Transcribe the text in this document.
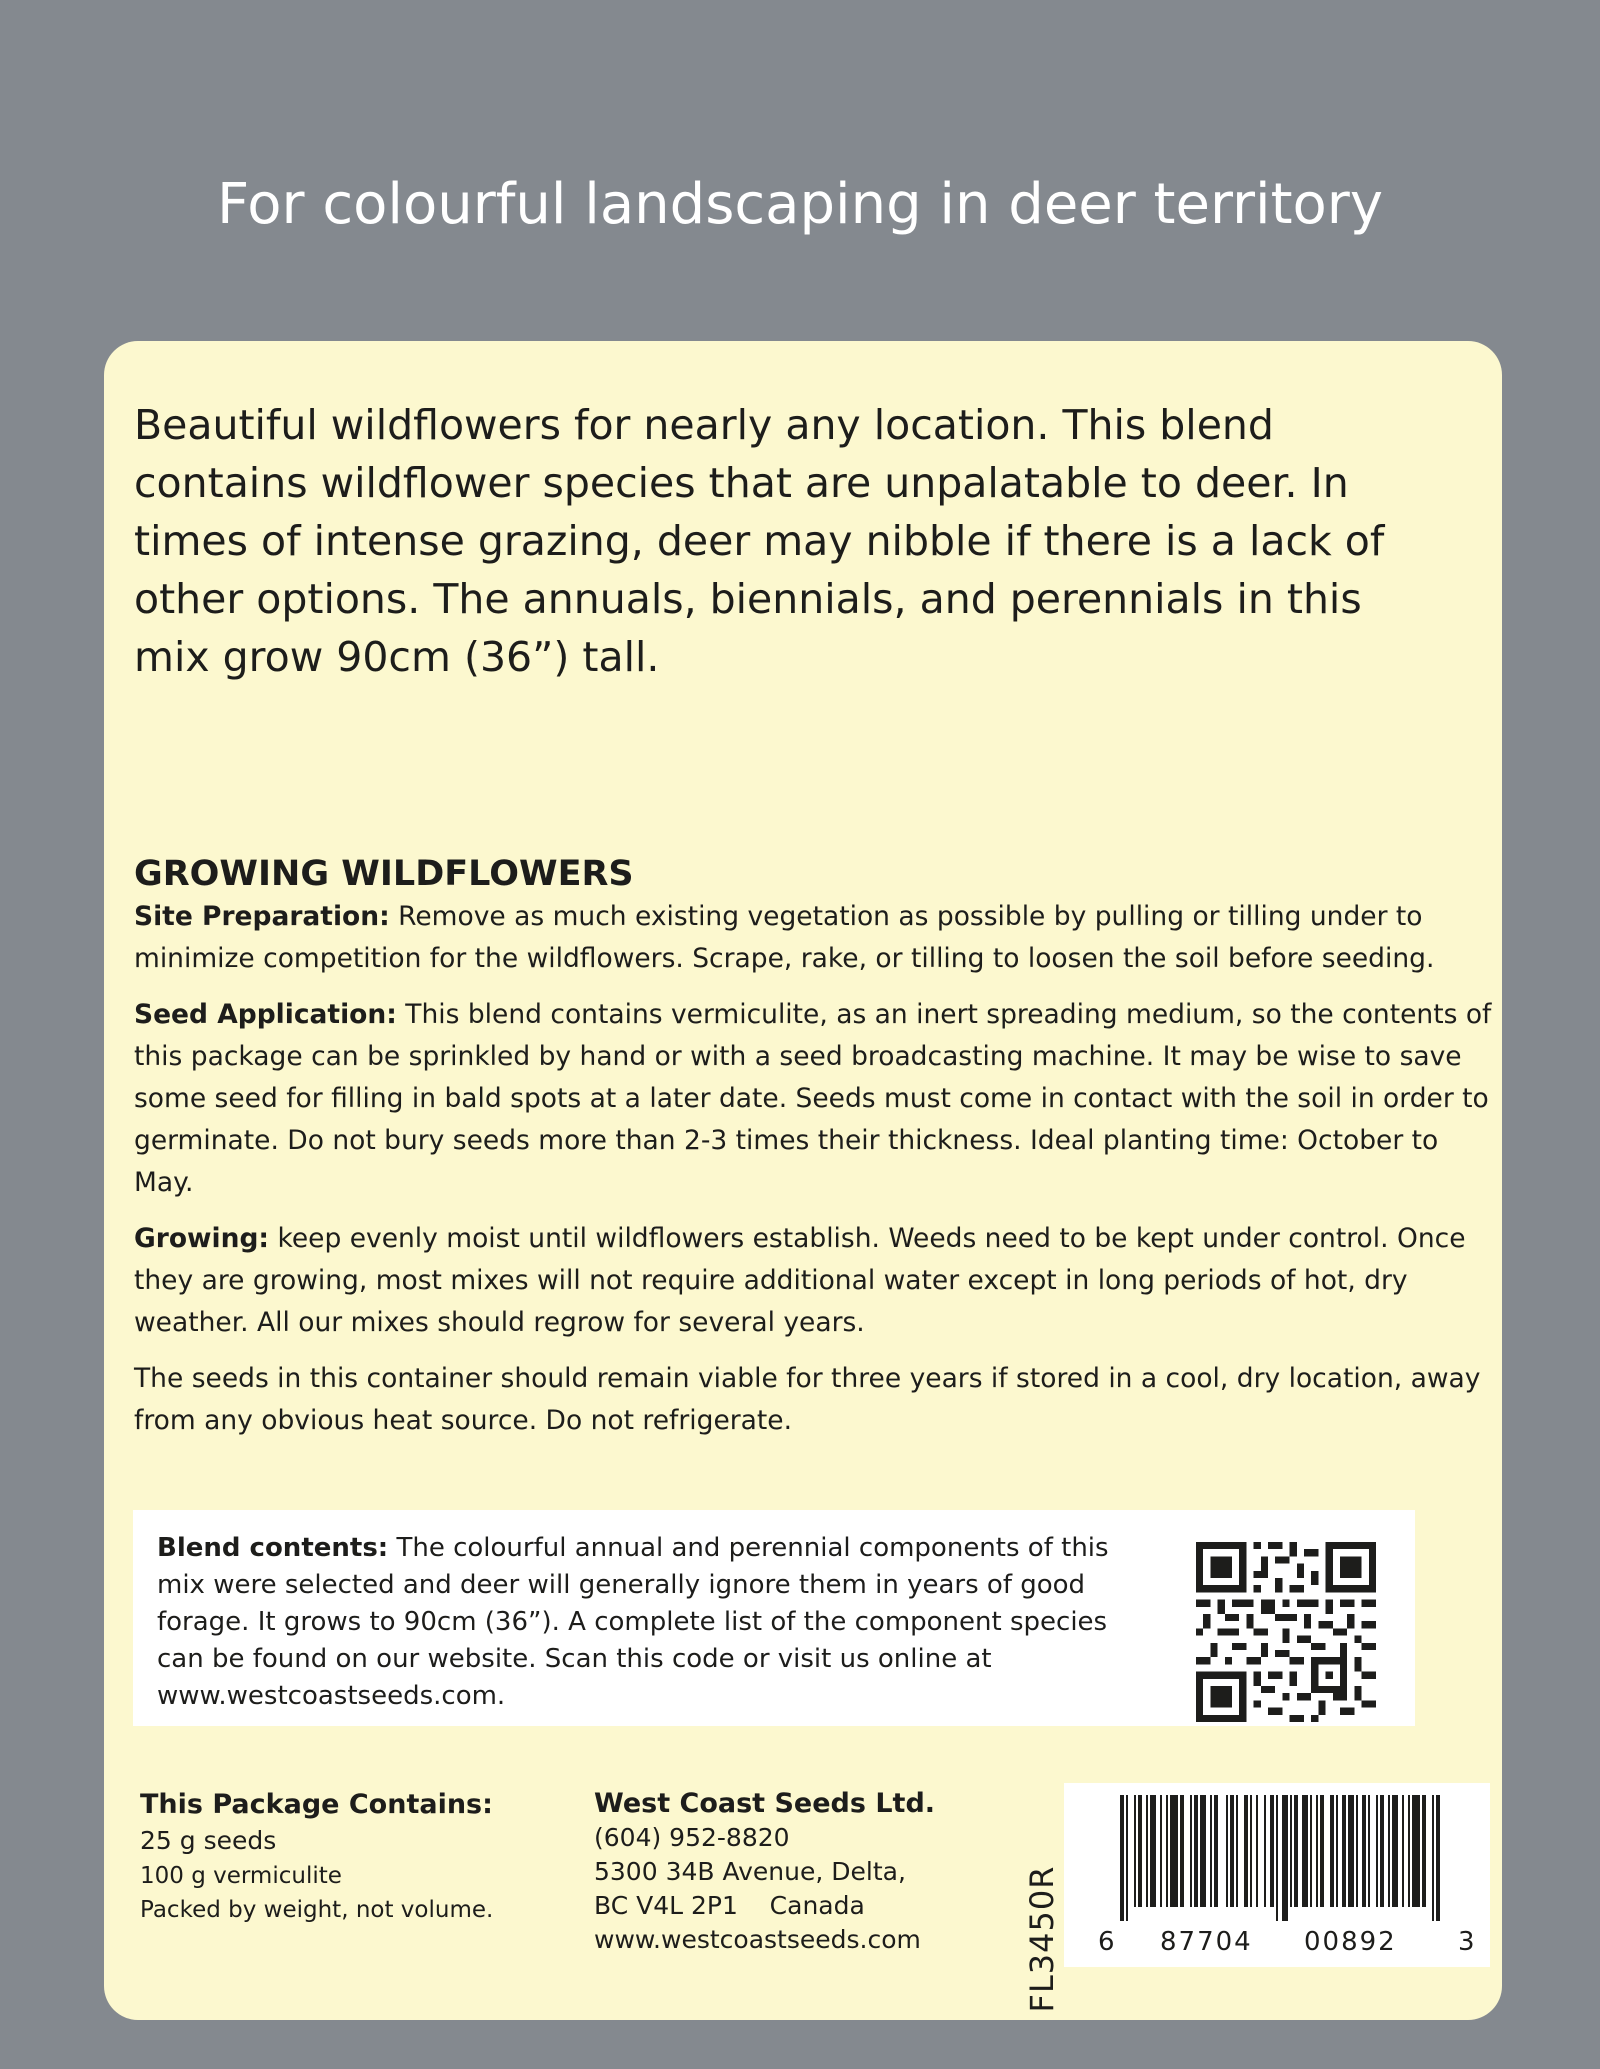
For colourful landscaping in deer territory
Beautiful wildflowers for nearly any location. This blend contains wildflower species that are unpalatable to deer. In times of intense grazing, deer may nibble if there is a lack of other options. The annuals, biennials, and perennials in this mix grow 90cm (36”) tall.
GROWING WILDFLOWERS

Site Preparation: Remove as much existing vegetation as possible by pulling or tilling under to minimize competition for the wildflowers. Scrape, rake, or tilling to loosen the soil before seeding.

Seed Application: This blend contains vermiculite, as an inert spreading medium, so the contents of this package can be sprinkled by hand or with a seed broadcasting machine. It may be wise to save some seed for filling in bald spots at a later date. Seeds must come in contact with the soil in order to germinate. Do not bury seeds more than 2-3 times their thickness. Ideal planting time: October to May.

Growing: keep evenly moist until wildflowers establish. Weeds need to be kept under control. Once they are growing, most mixes will not require additional water except in long periods of hot, dry weather. All our mixes should regrow for several years.

The seeds in this container should remain viable for three years if stored in a cool, dry location, away from any obvious heat source. Do not refrigerate.

Blend contents: The colourful annual and perennial components of this mix were selected and deer will generally ignore them in years of good forage. It grows to 90cm (36”). A complete list of the component species can be found on our website. Scan this code or visit us online at www.westcoastseeds.com.
This Package Contains:
25 g seeds
100 g vermiculite
Packed by weight, not volume.
West Coast Seeds Ltd.
(604) 952-8820
5300 34B Avenue, Delta,
BC V4L 2P1    Canada
www.westcoastseeds.com	FL3450R 6 87704 00892 3
